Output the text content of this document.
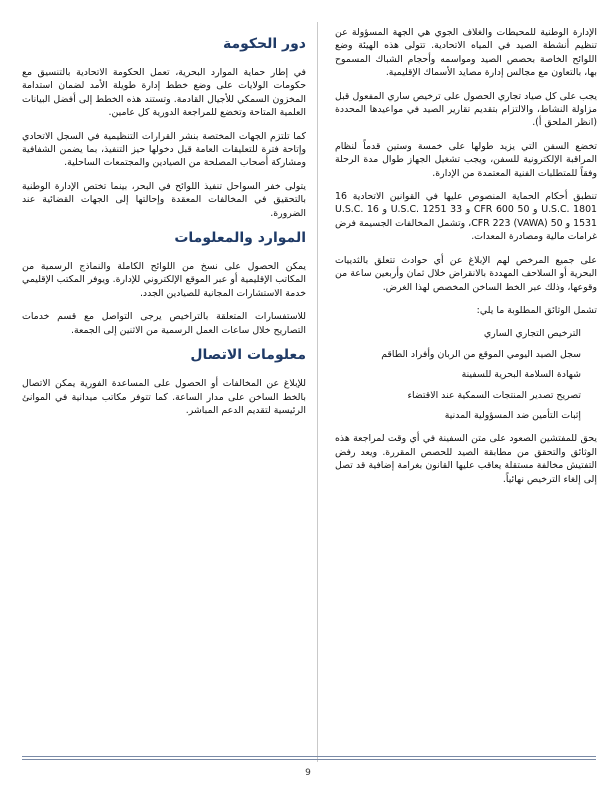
الإدارة الوطنية للمحيطات والغلاف الجوي هي الجهة المسؤولة عن تنظيم أنشطة الصيد في المياه الاتحادية. تتولى هذه الهيئة وضع اللوائح الخاصة بحصص الصيد ومواسمه وأحجام الشباك المسموح بها، بالتعاون مع مجالس إدارة مصايد الأسماك الإقليمية.

يجب على كل صياد تجاري الحصول على ترخيص ساري المفعول قبل مزاولة النشاط، والالتزام بتقديم تقارير الصيد في مواعيدها المحددة (انظر الملحق أ).

تخضع السفن التي يزيد طولها على خمسة وستين قدماً لنظام المراقبة الإلكترونية للسفن، ويجب تشغيل الجهاز طوال مدة الرحلة وفقاً للمتطلبات الفنية المعتمدة من الإدارة.

تنطبق أحكام الحماية المنصوص عليها في القوانين الاتحادية 16 U.S.C. 1801 و 50 CFR 600 و 33 U.S.C. 1251 و 16 U.S.C. 1531 و 50 CFR 223 (VAWA)، وتشمل المخالفات الجسيمة فرض غرامات مالية ومصادرة المعدات.

على جميع المرخص لهم الإبلاغ عن أي حوادث تتعلق بالثدييات البحرية أو السلاحف المهددة بالانقراض خلال ثمان وأربعين ساعة من وقوعها، وذلك عبر الخط الساخن المخصص لهذا الغرض.

تشمل الوثائق المطلوبة ما يلي:

الترخيص التجاري الساري
سجل الصيد اليومي الموقع من الربان وأفراد الطاقم
شهادة السلامة البحرية للسفينة
تصريح تصدير المنتجات السمكية عند الاقتضاء
إثبات التأمين ضد المسؤولية المدنية

يحق للمفتشين الصعود على متن السفينة في أي وقت لمراجعة هذه الوثائق والتحقق من مطابقة الصيد للحصص المقررة. ويعد رفض التفتيش مخالفة مستقلة يعاقب عليها القانون بغرامة إضافية قد تصل إلى إلغاء الترخيص نهائياً.

دور الحكومة

في إطار حماية الموارد البحرية، تعمل الحكومة الاتحادية بالتنسيق مع حكومات الولايات على وضع خطط إدارة طويلة الأمد لضمان استدامة المخزون السمكي للأجيال القادمة. وتستند هذه الخطط إلى أفضل البيانات العلمية المتاحة وتخضع للمراجعة الدورية كل عامين.

كما تلتزم الجهات المختصة بنشر القرارات التنظيمية في السجل الاتحادي وإتاحة فترة للتعليقات العامة قبل دخولها حيز التنفيذ، بما يضمن الشفافية ومشاركة أصحاب المصلحة من الصيادين والمجتمعات الساحلية.

يتولى خفر السواحل تنفيذ اللوائح في البحر، بينما تختص الإدارة الوطنية بالتحقيق في المخالفات المعقدة وإحالتها إلى الجهات القضائية عند الضرورة.

الموارد والمعلومات

يمكن الحصول على نسخ من اللوائح الكاملة والنماذج الرسمية من المكاتب الإقليمية أو عبر الموقع الإلكتروني للإدارة. ويوفر المكتب الإقليمي خدمة الاستشارات المجانية للصيادين الجدد.

للاستفسارات المتعلقة بالتراخيص يرجى التواصل مع قسم خدمات التصاريح خلال ساعات العمل الرسمية من الاثنين إلى الجمعة.

معلومات الاتصال

للإبلاغ عن المخالفات أو الحصول على المساعدة الفورية يمكن الاتصال بالخط الساخن على مدار الساعة. كما تتوفر مكاتب ميدانية في الموانئ الرئيسية لتقديم الدعم المباشر.

9
